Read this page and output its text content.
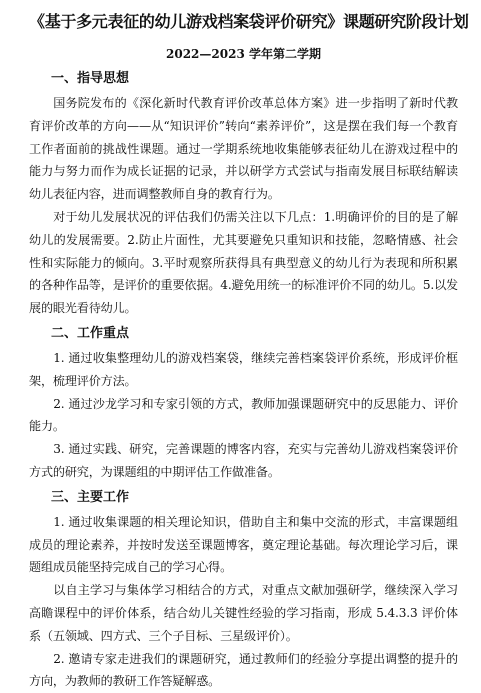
《基于多元表征的幼儿游戏档案袋评价研究》课题研究阶段计划
2022—2023 学年第二学期
一、指导思想

国务院发布的《深化新时代教育评价改革总体方案》进一步指明了新时代教育评价改革的方向——从“知识评价”转向“素养评价”，这是摆在我们每一个教育工作者面前的挑战性课题。通过一学期系统地收集能够表征幼儿在游戏过程中的能力与努力而作为成长证据的记录，并以研学方式尝试与指南发展目标联结解读幼儿表征内容，进而调整教师自身的教育行为。

对于幼儿发展状况的评估我们仍需关注以下几点：1.明确评价的目的是了解幼儿的发展需要。2.防止片面性，尤其要避免只重知识和技能，忽略情感、社会性和实际能力的倾向。3.平时观察所获得具有典型意义的幼儿行为表现和所积累的各种作品等，是评价的重要依据。4.避免用统一的标准评价不同的幼儿。5.以发展的眼光看待幼儿。

二、工作重点

1. 通过收集整理幼儿的游戏档案袋，继续完善档案袋评价系统，形成评价框架，梳理评价方法。

2. 通过沙龙学习和专家引领的方式，教师加强课题研究中的反思能力、评价能力。

3. 通过实践、研究，完善课题的博客内容，充实与完善幼儿游戏档案袋评价方式的研究，为课题组的中期评估工作做准备。

三、主要工作

1. 通过收集课题的相关理论知识，借助自主和集中交流的形式，丰富课题组成员的理论素养，并按时发送至课题博客，奠定理论基础。每次理论学习后，课题组成员能坚持完成自己的学习心得。

以自主学习与集体学习相结合的方式，对重点文献加强研学，继续深入学习高瞻课程中的评价体系，结合幼儿关键性经验的学习指南，形成 5.4.3.3 评价体系（五领域、四方式、三个子目标、三星级评价）。

2. 邀请专家走进我们的课题研究，通过教师们的经验分享提出调整的提升的方向，为教师的教研工作答疑解惑。
